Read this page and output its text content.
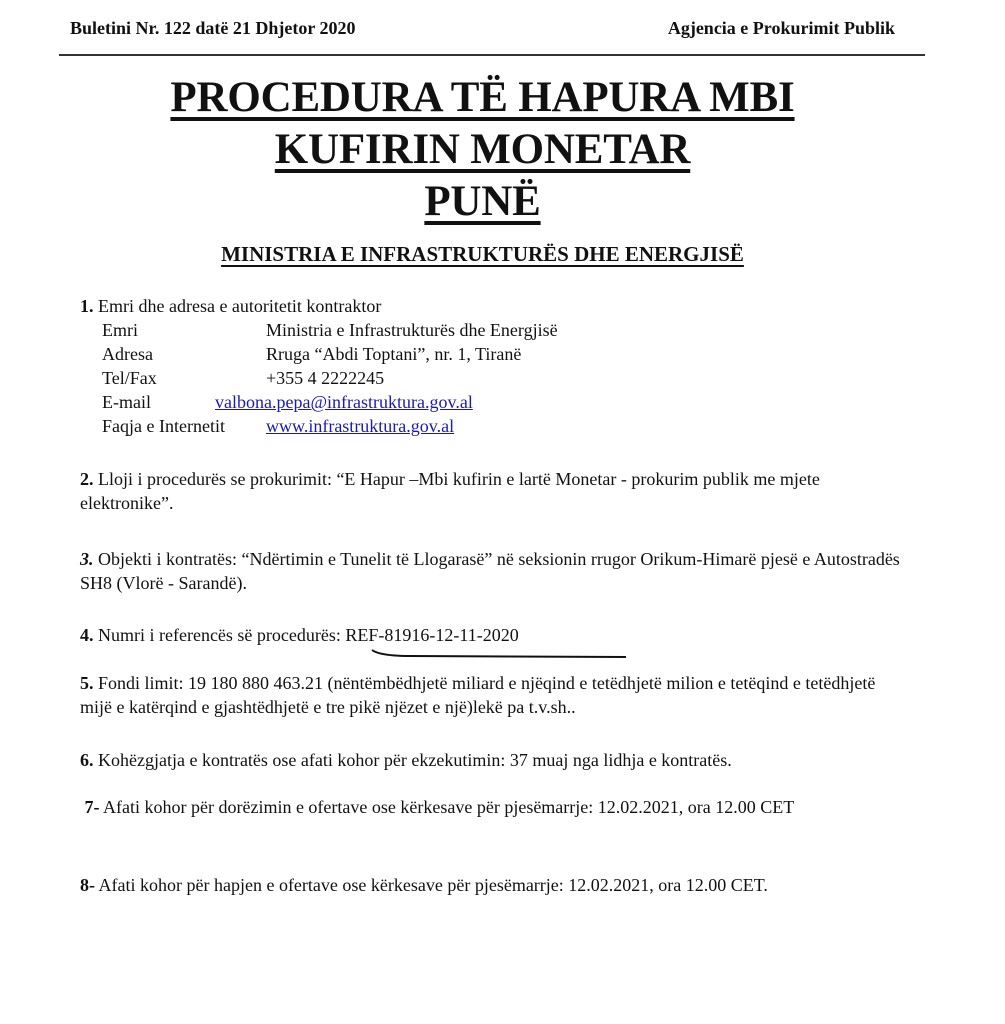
Buletini Nr. 122 datë 21 Dhjetor 2020	Agjencia e Prokurimit Publik
PROCEDURA TË HAPURA MBI
KUFIRIN MONETAR
PUNË
MINISTRIA E INFRASTRUKTURËS DHE ENERGJISË
1. Emri dhe adresa e autoritetit kontraktor
Emri	Ministria e Infrastrukturës dhe Energjisë
Adresa	Rruga “Abdi Toptani”, nr. 1, Tiranë
Tel/Fax	+355 4 2222245
E-mail	valbona.pepa@infrastruktura.gov.al
Faqja e Internetit www.infrastruktura.gov.al
2. Lloji i procedurës se prokurimit: “E Hapur –Mbi kufirin e lartë Monetar - prokurim publik me mjete elektronike”.
3. Objekti i kontratës: “Ndërtimin e Tunelit të Llogarasë” në seksionin rrugor Orikum-Himarë pjesë e Autostradës SH8 (Vlorë - Sarandë).
4. Numri i referencës së procedurës: REF-81916-12-11-2020
5. Fondi limit: 19 180 880 463.21 (nëntëmbëdhjetë miliard e njëqind e tetëdhjetë milion e tetëqind e tetëdhjetë mijë e katërqind e gjashtëdhjetë e tre pikë njëzet e një)lekë pa t.v.sh..
6. Kohëzgjatja e kontratës ose afati kohor për ekzekutimin: 37 muaj nga lidhja e kontratës.
7- Afati kohor për dorëzimin e ofertave ose kërkesave për pjesëmarrje: 12.02.2021, ora 12.00 CET
8- Afati kohor për hapjen e ofertave ose kërkesave për pjesëmarrje: 12.02.2021, ora 12.00 CET.
